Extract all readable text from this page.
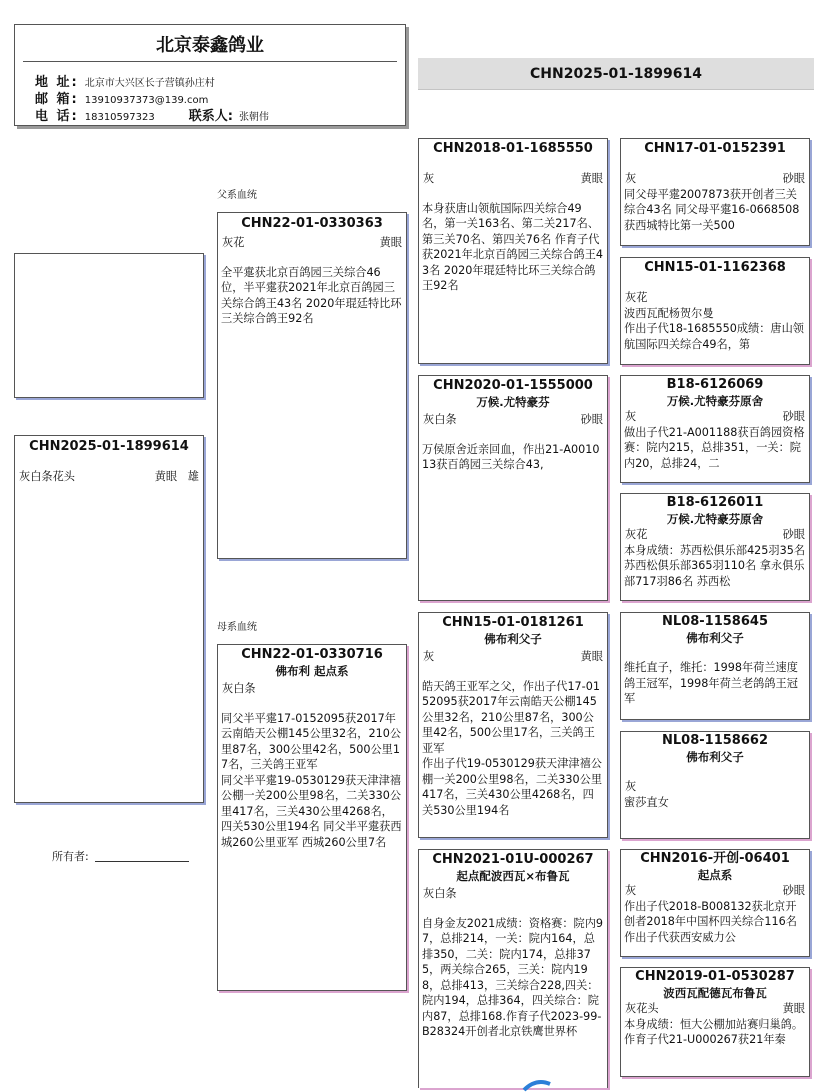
北京泰鑫鸽业
地 址: 北京市大兴区长子营镇孙庄村
邮 箱: 13910937373@139.com
电 话: 18310597323	联系人: 张朝伟
CHN2025-01-1899614
CHN2025-01-1899614
灰白条花头	黄眼 雄
父系血统
母系血统
CHN22-01-0330363
灰花	黄眼
全平疐获北京百鸽园三关综合46位，半平疐获2021年北京百鸽园三关综合鸽王43名 2020年琨廷特比环三关综合鸽王92名
CHN22-01-0330716
佛布利 起点系
灰白条
同父半平疐17-0152095获2017年云南皓天公棚145公里32名，210公里87名，300公里42名，500公里17名，三关鸽王亚军
同父半平疐19-0530129获天津津禧公棚一关200公里98名，二关330公里417名，三关430公里4268名，四关530公里194名 同父半平疐获西城260公里亚军 西城260公里7名
CHN2018-01-1685550
灰	黄眼
本身获唐山领航国际四关综合49名，第一关163名、第二关217名、第三关70名、第四关76名 作育子代获2021年北京百鸽园三关综合鸽王43名 2020年琨廷特比环三关综合鸽王92名
CHN2020-01-1555000
万候.尤特豪芬
灰白条	砂眼
万侯原舍近亲回血，作出21-A001013获百鸽园三关综合43,
CHN15-01-0181261
佛布利父子
灰	黄眼
皓天鸽王亚军之父，作出子代17-0152095获2017年云南皓天公棚145公里32名，210公里87名，300公里42名，500公里17名，三关鸽王亚军
作出子代19-0530129获天津津禧公棚一关200公里98名，二关330公里417名，三关430公里4268名，四关530公里194名
CHN2021-01U-000267
起点配波西瓦×布鲁瓦
灰白条
自身金友2021成绩：资格赛：院内97，总排214，一关：院内164，总排350，二关：院内174，总排375，两关综合265，三关：院内198，总排413，三关综合228,四关：院内194，总排364，四关综合：院内87，总排168.作育子代2023-99-B28324开创者北京铁鹰世界杯
CHN17-01-0152391
灰	砂眼
同父母平疐2007873获开创者三关综合43名 同父母平疐16-0668508获西城特比第一关500
CHN15-01-1162368
灰花
波西瓦配杨贺尔曼
作出子代18-1685550成绩：唐山领航国际四关综合49名，第
B18-6126069
万候.尤特豪芬原舍
灰	砂眼
做出子代21-A001188获百鸽园资格赛：院内215，总排351，一关：院内20，总排24，二
B18-6126011
万候.尤特豪芬原舍
灰花	砂眼
本身成绩：苏西松俱乐部425羽35名 苏西松俱乐部365羽110名 拿永俱乐部717羽86名 苏西松
NL08-1158645
佛布利父子
维托直子，维托：1998年荷兰速度鸽王冠军，1998年荷兰老鸽鸽王冠军
NL08-1158662
佛布利父子
灰
蜜莎直女
CHN2016-开创-06401
起点系
灰	砂眼
作出子代2018-B008132获北京开创者2018年中国杯四关综合116名 作出子代获西安威力公
CHN2019-01-0530287
波西瓦配德瓦布鲁瓦
灰花头	黄眼
本身成绩：恒大公棚加站赛归巢鸽。
作育子代21-U000267获21年秦
所有者:
